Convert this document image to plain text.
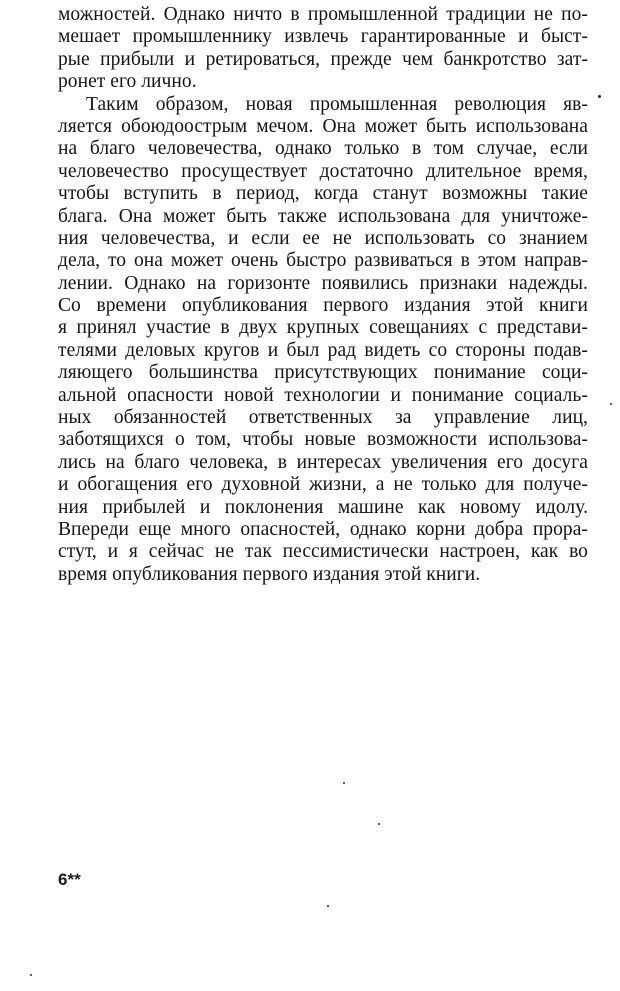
можностей. Однако ничто в промышленной традиции не по-
мешает промышленнику извлечь гарантированные и быст-
рые прибыли и ретироваться, прежде чем банкротство зат-
ронет его лично.
Таким образом, новая промышленная революция яв-
ляется обоюдоострым мечом. Она может быть использована
на благо человечества, однако только в том случае, если
человечество просуществует достаточно длительное время,
чтобы вступить в период, когда станут возможны такие
блага. Она может быть также использована для уничтоже-
ния человечества, и если ее не использовать со знанием
дела, то она может очень быстро развиваться в этом направ-
лении. Однако на горизонте появились признаки надежды.
Со времени опубликования первого издания этой книги
я принял участие в двух крупных совещаниях с представи-
телями деловых кругов и был рад видеть со стороны подав-
ляющего большинства присутствующих понимание соци-
альной опасности новой технологии и понимание социаль-
ных обязанностей ответственных за управление лиц,
заботящихся о том, чтобы новые возможности использова-
лись на благо человека, в интересах увеличения его досуга
и обогащения его духовной жизни, а не только для получе-
ния прибылей и поклонения машине как новому идолу.
Впереди еще много опасностей, однако корни добра прора-
стут, и я сейчас не так пессимистически настроен, как во
время опубликования первого издания этой книги.
6**
